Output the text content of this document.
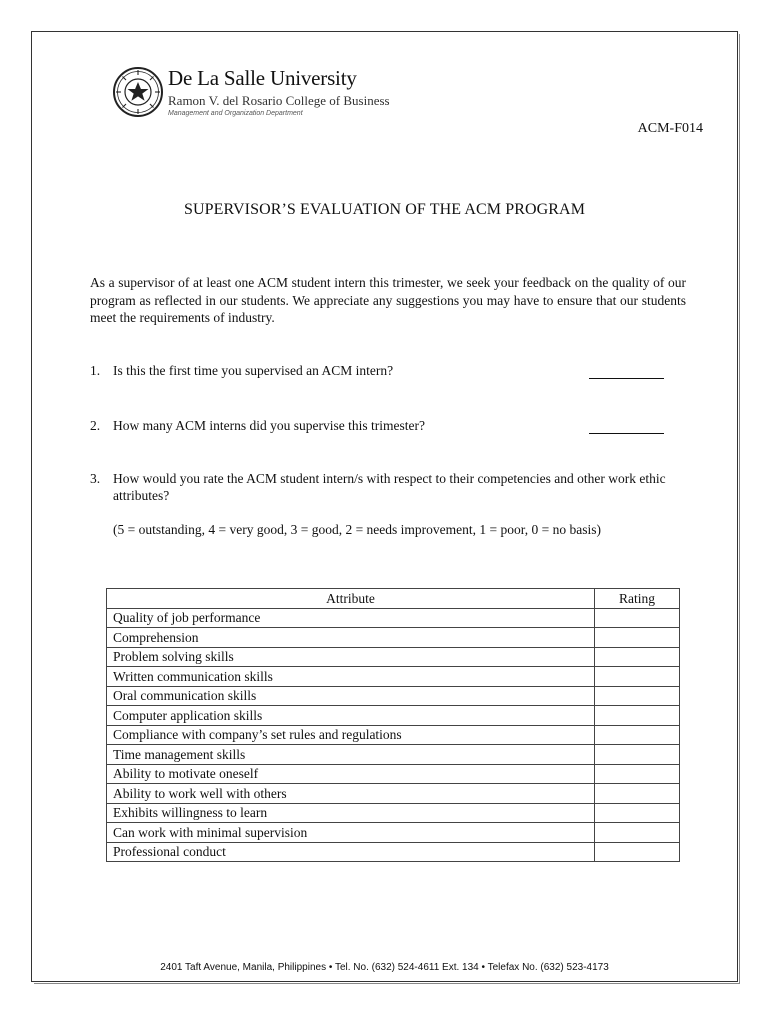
De La Salle University
Ramon V. del Rosario College of Business
Management and Organization Department
ACM-F014
SUPERVISOR’S EVALUATION OF THE ACM PROGRAM
As a supervisor of at least one ACM student intern this trimester, we seek your feedback on the quality of our program as reflected in our students. We appreciate any suggestions you may have to ensure that our students meet the requirements of industry.
1. Is this the first time you supervised an ACM intern?
2. How many ACM interns did you supervise this trimester?
3. How would you rate the ACM student intern/s with respect to their competencies and other work ethic attributes?
(5 = outstanding, 4 = very good, 3 = good, 2 = needs improvement, 1 = poor, 0 = no basis)
Attribute	Rating
Quality of job performance	
Comprehension	
Problem solving skills	
Written communication skills	
Oral communication skills	
Computer application skills	
Compliance with company’s set rules and regulations	
Time management skills	
Ability to motivate oneself	
Ability to work well with others	
Exhibits willingness to learn	
Can work with minimal supervision	
Professional conduct	
2401 Taft Avenue, Manila, Philippines • Tel. No. (632) 524-4611 Ext. 134 • Telefax No. (632) 523-4173
